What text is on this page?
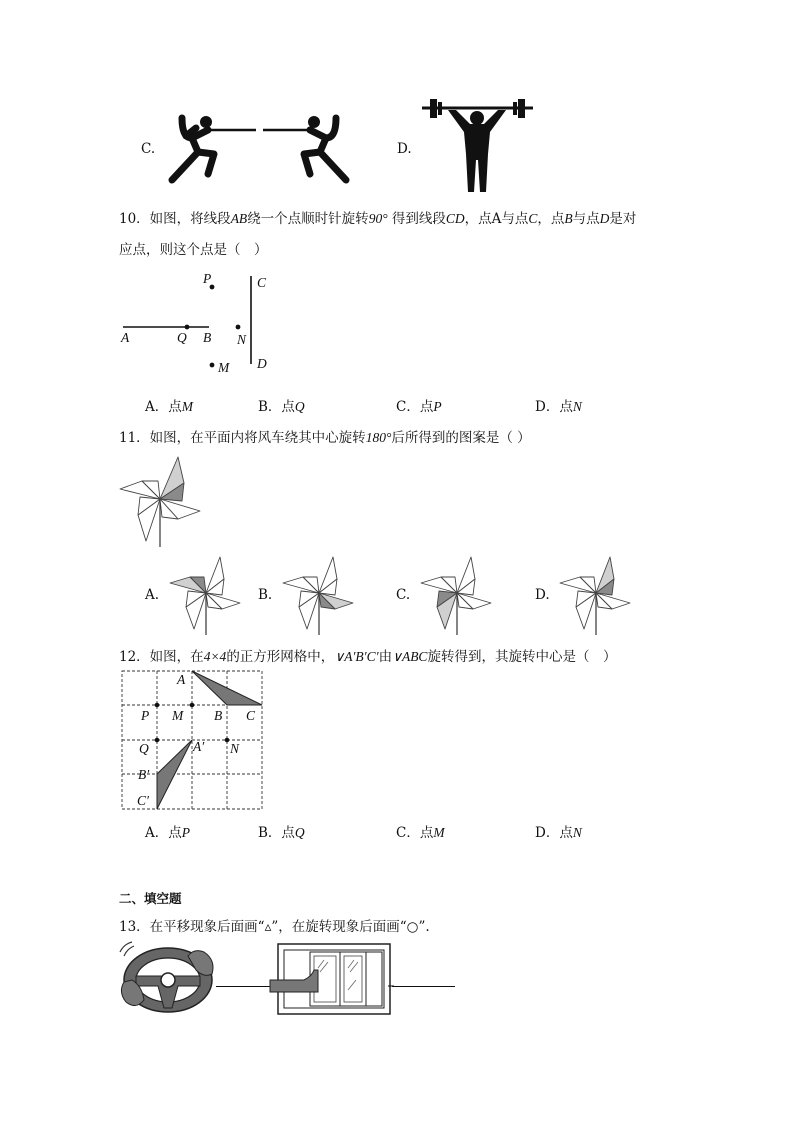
C.	D.
10．如图，将线段AB绕一个点顺时针旋转90° 得到线段CD，点A与点C，点B与点D是对
应点，则这个点是（　）
P	C
A	Q B N
M D
A．点M	B．点Q	C．点P	D．点N
11．如图，在平面内将风车绕其中心旋转180°后所得到的图案是（ ）
A.	B.	C.	D.
12．如图，在4×4的正方形网格中，∨A′B′C′由∨ABC旋转得到，其旋转中心是（　）
A
P M B C
Q	A′ N
B′
C′
A．点P	B．点Q	C．点M	D．点N
二、填空题
13．在平移现象后面画“▵”，在旋转现象后面画“○”.
